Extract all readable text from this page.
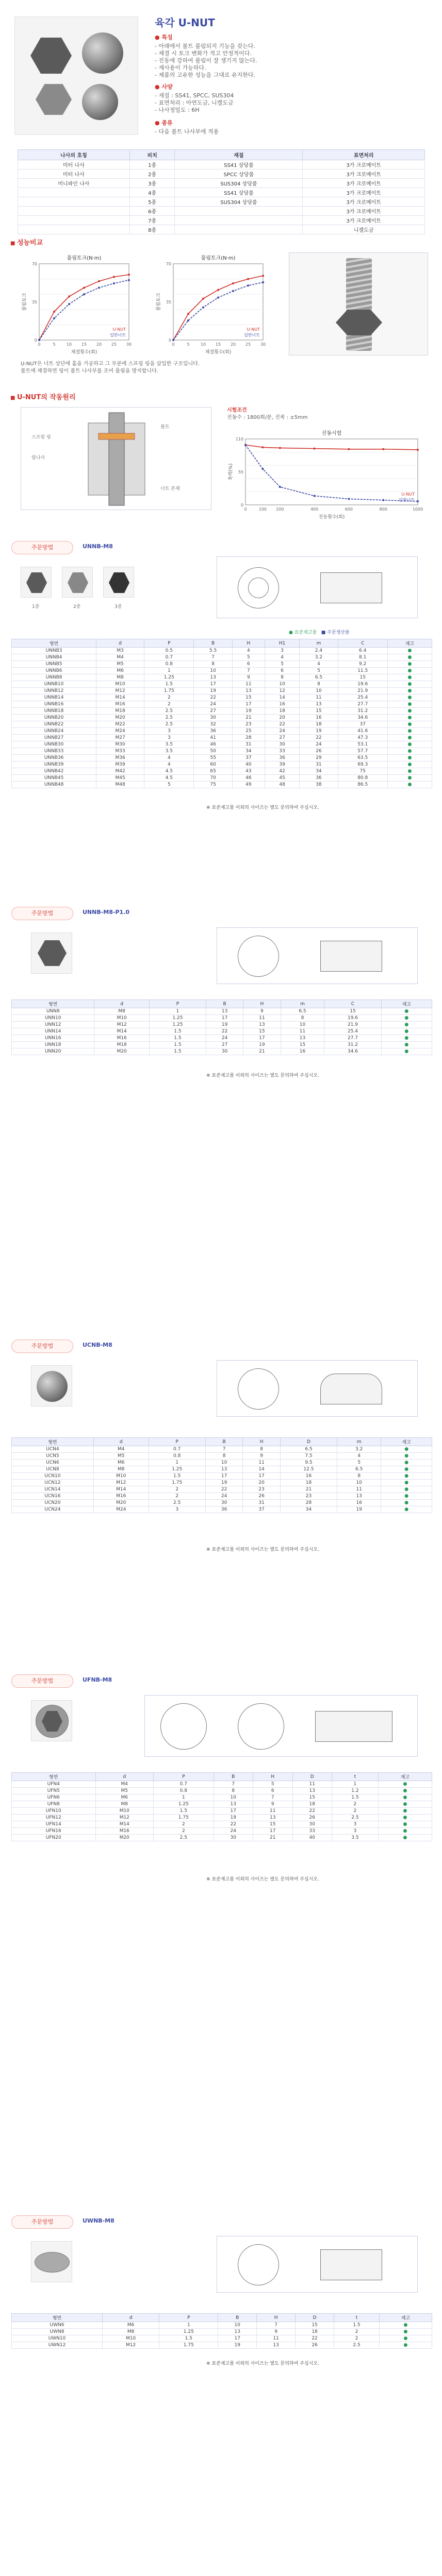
육각 U-NUT
● 특징

- 아래에서 볼트 풀림되지 기능을 갖는다.

- 체결 시 토크 변화가 적고 안정적이다.

- 진동에 강하여 풀림이 잘 생기지 않는다.

- 재사용이 가능하다.

- 제품의 고유한 성능을 그대로 유지한다.

● 사양

- 재질 : SS41, SPCC, SUS304

- 표면처리 : 아연도금, 니켈도금

- 나사정밀도 : 6H

● 종류

- 다음 볼트 나사부에 적용

나사의 호칭	피치	재질	표면처리
미터 나사	1종	SS41 상당품	3가 크로메이트
미터 나사	2종	SPCC 상당품	3가 크로메이트
미니파인 나사	3종	SUS304 상당품	3가 크로메이트
	4종	SS41 상당품	3가 크로메이트
	5종	SUS304 상당품	3가 크로메이트
	6종		3가 크로메이트
	7종		3가 크로메이트
	8종		니켈도금
■ 성능비교
풀림토크(N·m)
체결횟수(회)
풀림토크
0	5	10 15 20 25 30
0
35
70
U-NUT
일반너트
풀림토크(N·m)
체결횟수(회)
풀림토크
0	5	10 15 20 25 30
0
35
70
U-NUT
일반너트
U-NUT은 너트 상단에 홈을 가공하고 그 부분에 스프링 링을 삽입한 구조입니다.
볼트에 체결하면 링이 볼트 나사부를 조여 풀림을 방지합니다.
■ U-NUT의 작동원리
스프링 링
암나사
볼트
너트 본체
시험조건
진동수 : 1800회/분, 진폭 : ±5mm
진동시험
진동횟수(회)
축력(%)
0	100 200	400	600	800	1000
0
55
110
U-NUT
일반너트
주문방법	UNNB-M8
1종	2종	3종
● 표준재고품 ■ 주문생산품
형번	d	P	B	H	H1	m	C	재고
UNNB3	M3	0.5	5.5	4	3	2.4	6.4	●
UNNB4	M4	0.7	7	5	4	3.2	8.1	●
UNNB5	M5	0.8	8	6	5	4	9.2	●
UNNB6	M6	1	10	7	6	5	11.5	●
UNNB8	M8	1.25	13	9	8	6.5	15	●
UNNB10	M10	1.5	17	11	10	8	19.6	●
UNNB12	M12	1.75	19	13	12	10	21.9	●
UNNB14	M14	2	22	15	14	11	25.4	●
UNNB16	M16	2	24	17	16	13	27.7	●
UNNB18	M18	2.5	27	19	18	15	31.2	●
UNNB20	M20	2.5	30	21	20	16	34.6	●
UNNB22	M22	2.5	32	23	22	18	37	●
UNNB24	M24	3	36	25	24	19	41.6	●
UNNB27	M27	3	41	28	27	22	47.3	●
UNNB30	M30	3.5	46	31	30	24	53.1	●
UNNB33	M33	3.5	50	34	33	26	57.7	●
UNNB36	M36	4	55	37	36	29	63.5	●
UNNB39	M39	4	60	40	39	31	69.3	●
UNNB42	M42	4.5	65	43	42	34	75	●
UNNB45	M45	4.5	70	46	45	36	80.8	●
UNNB48	M48	5	75	49	48	38	86.5	●
※ 표준재고품 이외의 사이즈는 별도 문의하여 주십시오.
주문방법	UNNB-M8-P1.0
형번	d	P	B	H	m	C	재고
UNN8	M8	1	13	9	6.5	15	●
UNN10	M10	1.25	17	11	8	19.6	●
UNN12	M12	1.25	19	13	10	21.9	●
UNN14	M14	1.5	22	15	11	25.4	●
UNN16	M16	1.5	24	17	13	27.7	●
UNN18	M18	1.5	27	19	15	31.2	●
UNN20	M20	1.5	30	21	16	34.6	●
※ 표준재고품 이외의 사이즈는 별도 문의하여 주십시오.
주문방법	UCNB-M8
형번	d	P	B	H	D	m	재고
UCN4	M4	0.7	7	8	6.5	3.2	●
UCN5	M5	0.8	8	9	7.5	4	●
UCN6	M6	1	10	11	9.5	5	●
UCN8	M8	1.25	13	14	12.5	6.5	●
UCN10	M10	1.5	17	17	16	8	●
UCN12	M12	1.75	19	20	18	10	●
UCN14	M14	2	22	23	21	11	●
UCN16	M16	2	24	26	23	13	●
UCN20	M20	2.5	30	31	28	16	●
UCN24	M24	3	36	37	34	19	●
※ 표준재고품 이외의 사이즈는 별도 문의하여 주십시오.
주문방법	UFNB-M8
형번	d	P	B	H	D	t	재고
UFN4	M4	0.7	7	5	11	1	●
UFN5	M5	0.8	8	6	13	1.2	●
UFN6	M6	1	10	7	15	1.5	●
UFN8	M8	1.25	13	9	18	2	●
UFN10	M10	1.5	17	11	22	2	●
UFN12	M12	1.75	19	13	26	2.5	●
UFN14	M14	2	22	15	30	3	●
UFN16	M16	2	24	17	33	3	●
UFN20	M20	2.5	30	21	40	3.5	●
※ 표준재고품 이외의 사이즈는 별도 문의하여 주십시오.
주문방법	UWNB-M8
형번	d	P	B	H	D	t	재고
UWN6	M6	1	10	7	15	1.5	●
UWN8	M8	1.25	13	9	18	2	●
UWN10	M10	1.5	17	11	22	2	●
UWN12	M12	1.75	19	13	26	2.5	●
※ 표준재고품 이외의 사이즈는 별도 문의하여 주십시오.
